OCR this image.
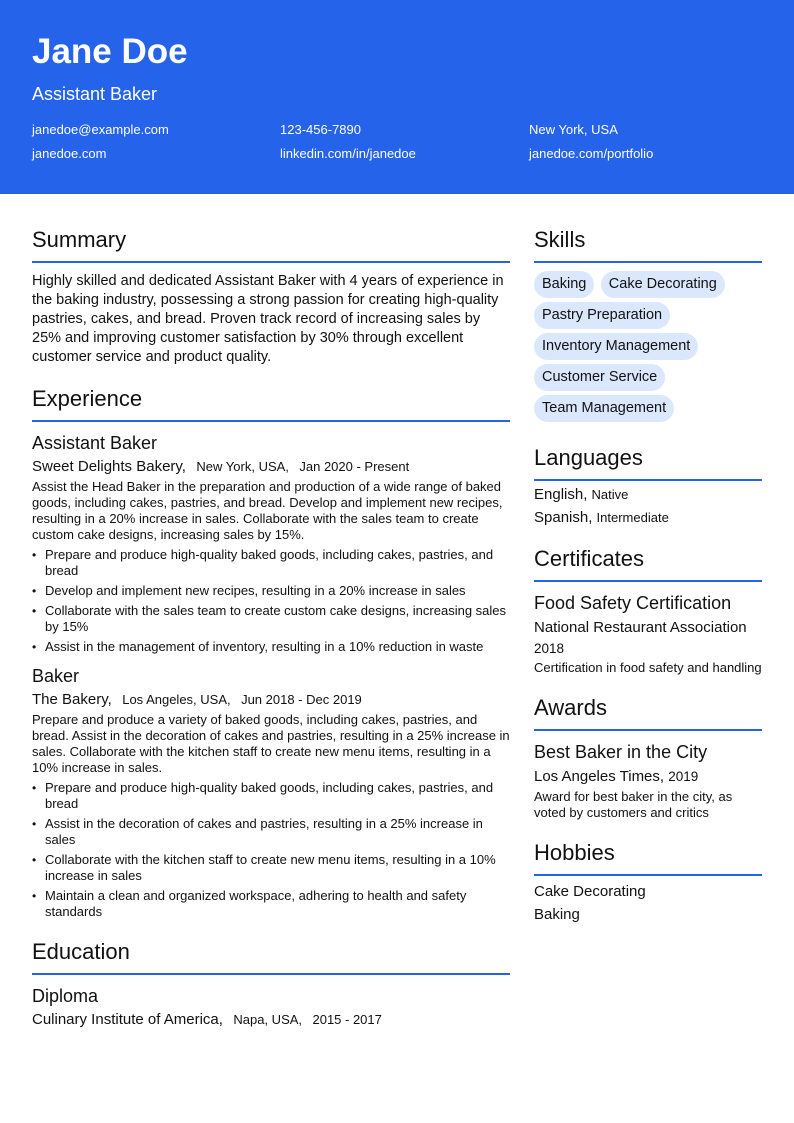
Jane Doe
Assistant Baker
janedoe@example.com	123-456-7890	New York, USA
janedoe.com	linkedin.com/in/janedoe	janedoe.com/portfolio
Summary

Highly skilled and dedicated Assistant Baker with 4 years of experience in the baking industry, possessing a strong passion for creating high-quality pastries, cakes, and bread. Proven track record of increasing sales by 25% and improving customer satisfaction by 30% through excellent customer service and product quality.

Experience
Assistant Baker
Sweet Delights Bakery, New York, USA, Jan 2020 - Present
Assist the Head Baker in the preparation and production of a wide range of baked goods, including cakes, pastries, and bread. Develop and implement new recipes, resulting in a 20% increase in sales. Collaborate with the sales team to create custom cake designs, increasing sales by 15%.
• Prepare and produce high-quality baked goods, including cakes, pastries, and bread
• Develop and implement new recipes, resulting in a 20% increase in sales
• Collaborate with the sales team to create custom cake designs, increasing sales by 15%
• Assist in the management of inventory, resulting in a 10% reduction in waste
Baker
The Bakery, Los Angeles, USA, Jun 2018 - Dec 2019
Prepare and produce a variety of baked goods, including cakes, pastries, and bread. Assist in the decoration of cakes and pastries, resulting in a 25% increase in sales. Collaborate with the kitchen staff to create new menu items, resulting in a 10% increase in sales.
• Prepare and produce high-quality baked goods, including cakes, pastries, and bread
• Assist in the decoration of cakes and pastries, resulting in a 25% increase in sales
• Collaborate with the kitchen staff to create new menu items, resulting in a 10% increase in sales
• Maintain a clean and organized workspace, adhering to health and safety standards
Education
Diploma
Culinary Institute of America, Napa, USA, 2015 - 2017
Skills
Baking Cake Decorating Pastry Preparation Inventory Management Customer Service Team Management
Languages
English, Native
Spanish, Intermediate
Certificates
Food Safety Certification
National Restaurant Association
2018
Certification in food safety and handling
Awards
Best Baker in the City
Los Angeles Times, 2019
Award for best baker in the city, as voted by customers and critics
Hobbies
Cake Decorating
Baking
